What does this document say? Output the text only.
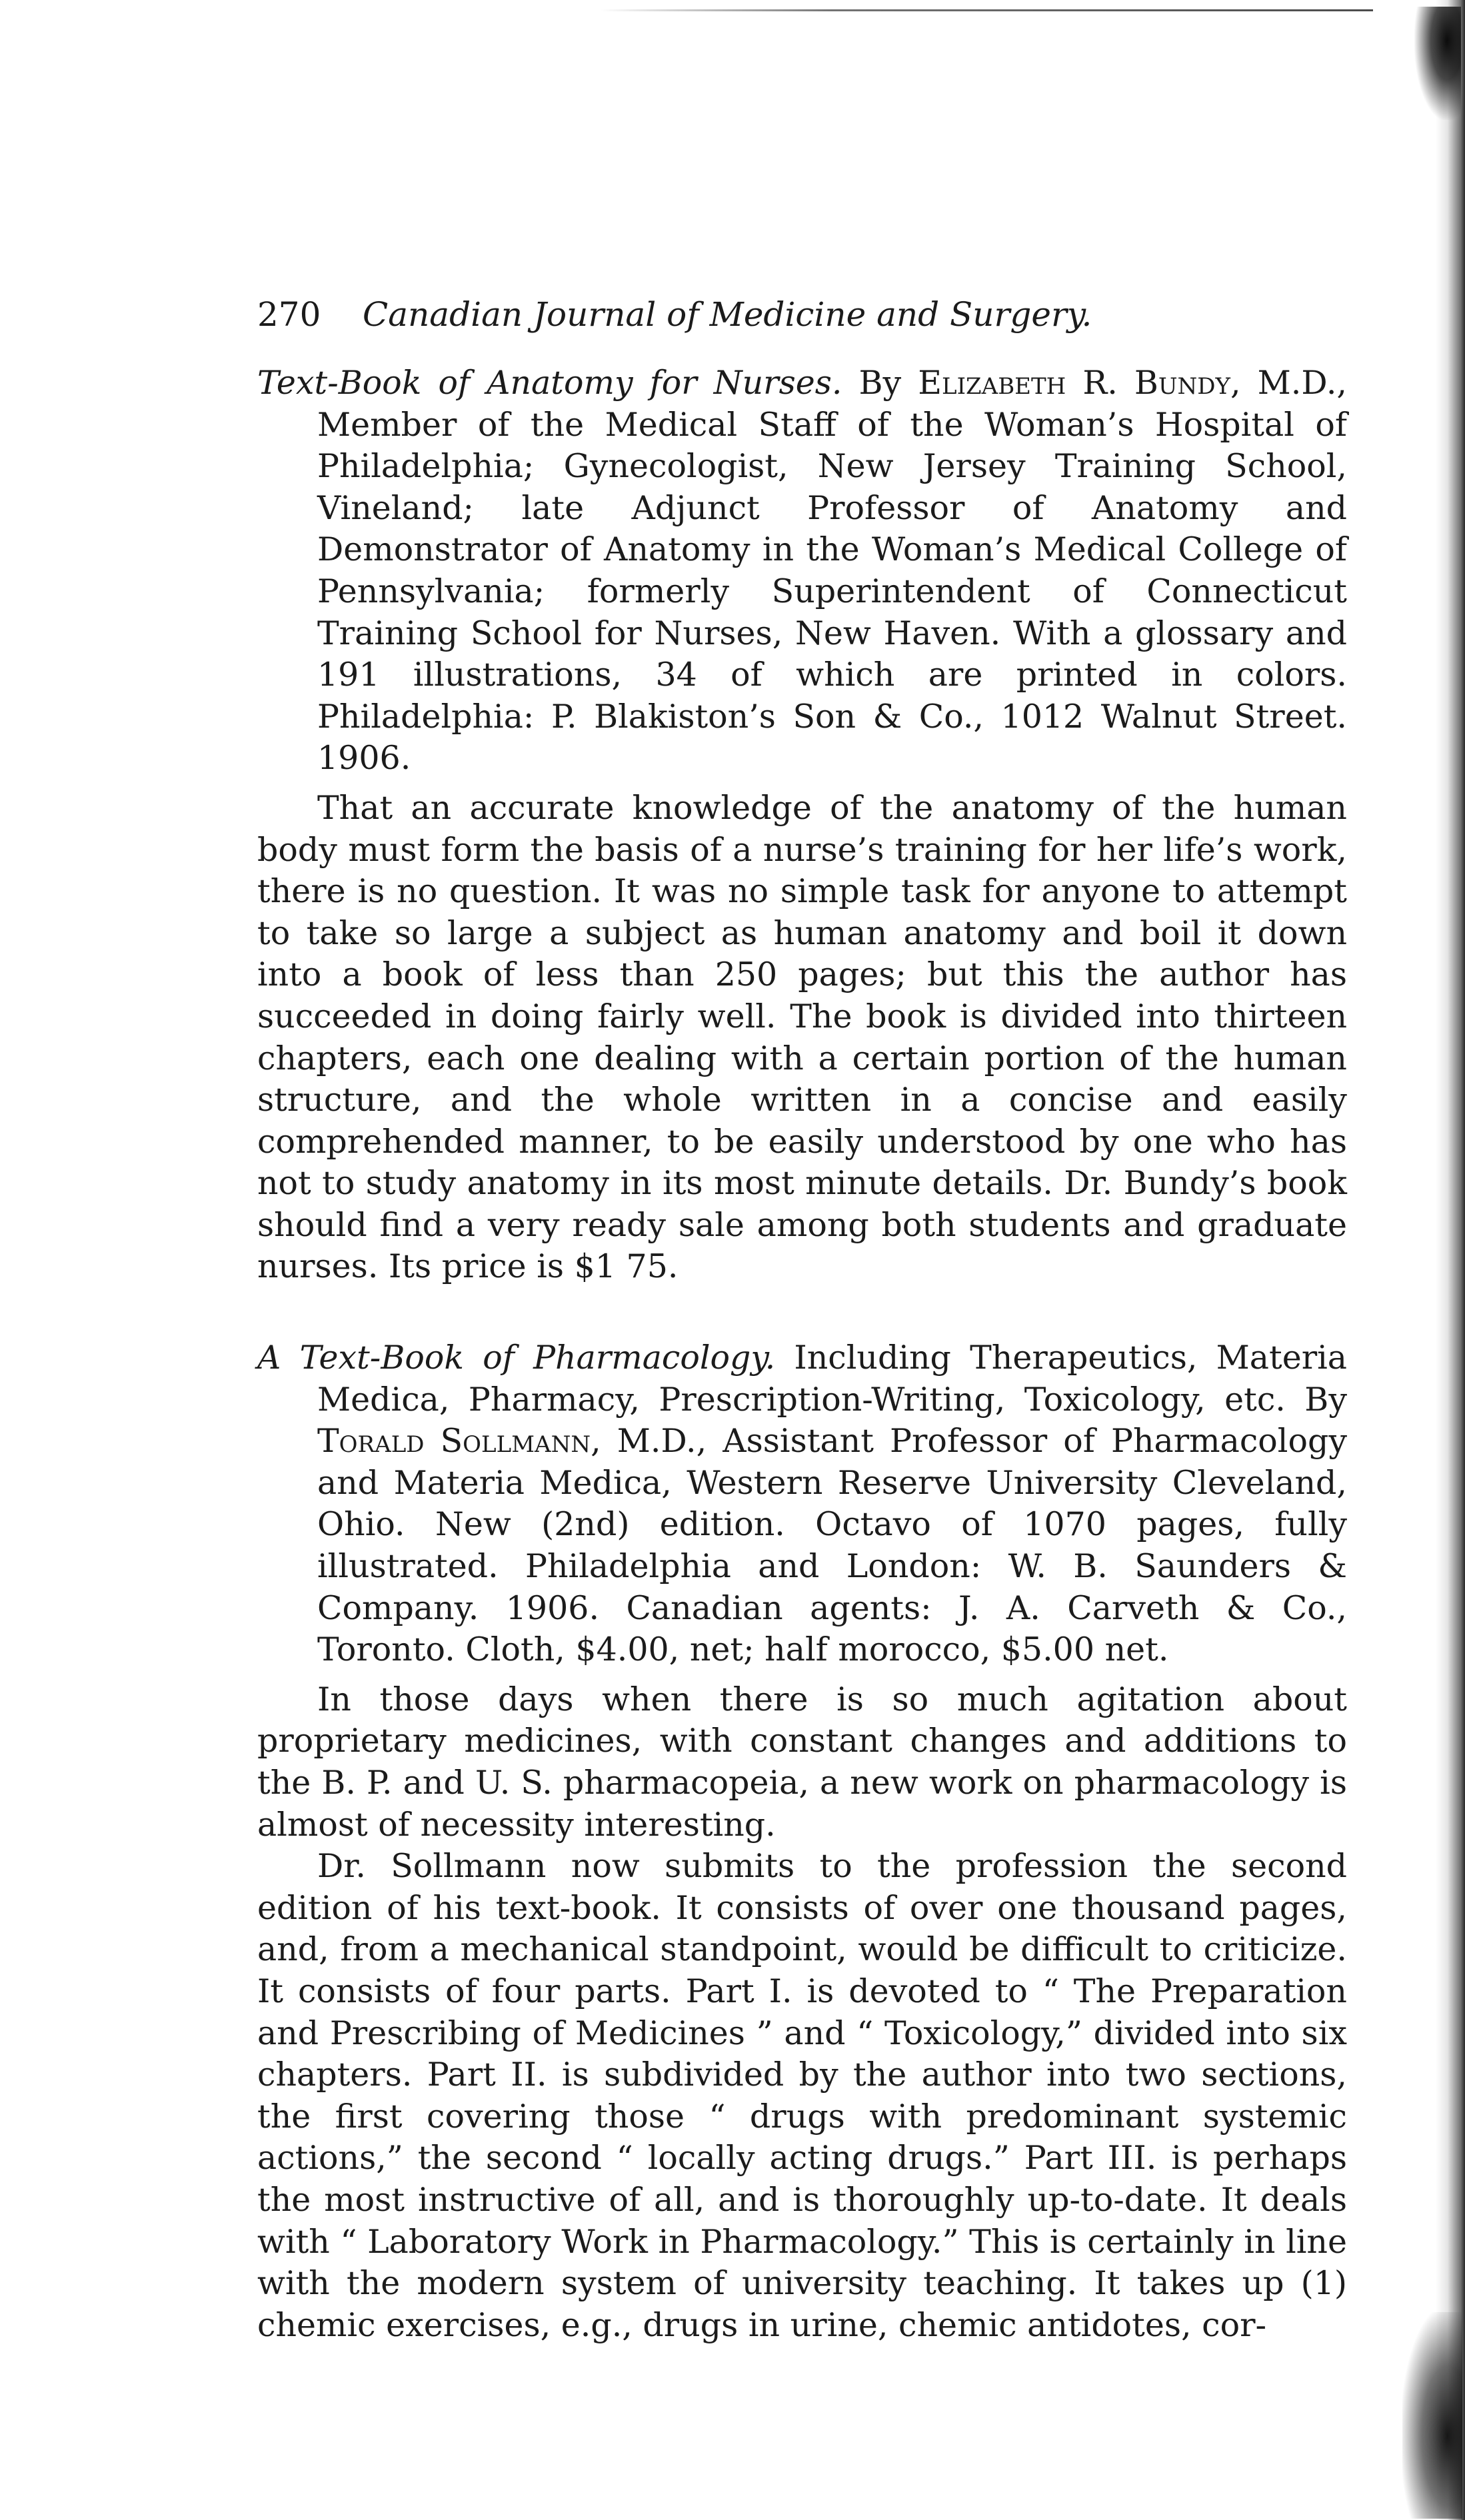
270 Canadian Journal of Medicine and Surgery.

Text-Book of Anatomy for Nurses. By Elizabeth R. Bundy, M.D., Member of the Medical Staff of the Woman’s Hospital of Philadelphia; Gynecologist, New Jersey Training School, Vineland; late Adjunct Professor of Anatomy and Demonstrator of Anatomy in the Woman’s Medical College of Pennsylvania; formerly Superintendent of Connecticut Training School for Nurses, New Haven. With a glossary and 191 illustrations, 34 of which are printed in colors. Philadelphia: P. Blakiston’s Son & Co., 1012 Walnut Street. 1906.

That an accurate knowledge of the anatomy of the human body must form the basis of a nurse’s training for her life’s work, there is no question. It was no simple task for anyone to attempt to take so large a subject as human anatomy and boil it down into a book of less than 250 pages; but this the author has succeeded in doing fairly well. The book is divided into thirteen chapters, each one dealing with a certain portion of the human structure, and the whole written in a concise and easily comprehended manner, to be easily understood by one who has not to study anatomy in its most minute details. Dr. Bundy’s book should find a very ready sale among both students and graduate nurses. Its price is $1 75.

A Text-Book of Pharmacology. Including Therapeutics, Materia Medica, Pharmacy, Prescription-Writing, Toxicology, etc. By Torald Sollmann, M.D., Assistant Professor of Pharmacology and Materia Medica, Western Reserve University Cleveland, Ohio. New (2nd) edition. Octavo of 1070 pages, fully illustrated. Philadelphia and London: W. B. Saunders & Company. 1906. Canadian agents: J. A. Carveth & Co., Toronto. Cloth, $4.00, net; half morocco, $5.00 net.

In those days when there is so much agitation about proprietary medicines, with constant changes and additions to the B. P. and U. S. pharmacopeia, a new work on pharmacology is almost of necessity interesting.

Dr. Sollmann now submits to the profession the second edition of his text-book. It consists of over one thousand pages, and, from a mechanical standpoint, would be difficult to criticize. It consists of four parts. Part I. is devoted to “ The Preparation and Prescribing of Medicines ” and “ Toxicology,” divided into six chapters. Part II. is subdivided by the author into two sections, the first covering those “ drugs with predominant systemic actions,” the second “ locally acting drugs.” Part III. is perhaps the most instructive of all, and is thoroughly up-to-date. It deals with “ Laboratory Work in Pharmacology.” This is certainly in line with the modern system of university teaching. It takes up (1) chemic exercises, e.g., drugs in urine, chemic antidotes, cor-
